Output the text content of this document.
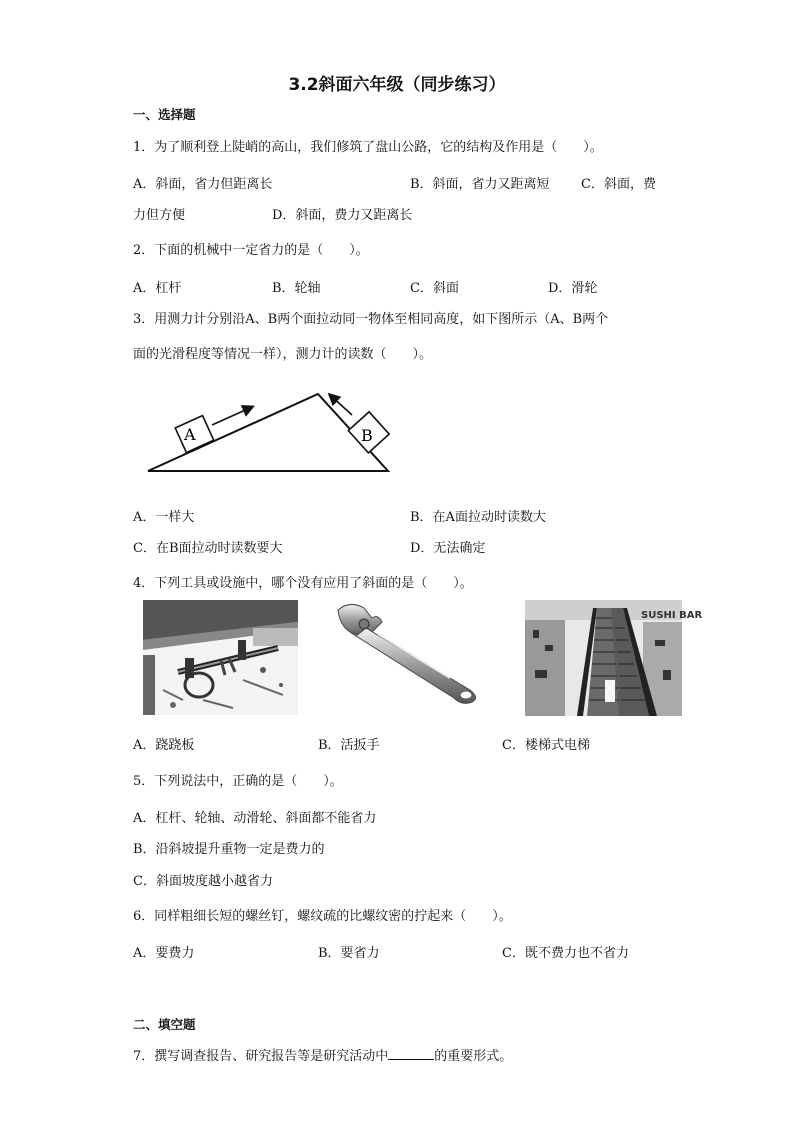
3.2斜面六年级（同步练习）
一、选择题
1．为了顺利登上陡峭的高山，我们修筑了盘山公路，它的结构及作用是（　　）。
A．斜面，省力但距离长	B．斜面，省力又距离短 C．斜面，费
力但方便	D．斜面，费力又距离长
2．下面的机械中一定省力的是（　　）。
A．杠杆	B．轮轴	C．斜面	D．滑轮
3．用测力计分别沿A、B两个面拉动同一物体至相同高度，如下图所示（A、B两个
面的光滑程度等情况一样），测力计的读数（　　）。
A	B
A．一样大	B．在A面拉动时读数大
C．在B面拉动时读数要大	D．无法确定
4．下列工具或设施中，哪个没有应用了斜面的是（　　）。
SUSHI BAR
A．跷跷板	B．活扳手	C．楼梯式电梯
5．下列说法中，正确的是（　　）。
A．杠杆、轮轴、动滑轮、斜面都不能省力
B．沿斜坡提升重物一定是费力的
C．斜面坡度越小越省力
6．同样粗细长短的螺丝钉，螺纹疏的比螺纹密的拧起来（　　）。
A．要费力	B．要省力	C．既不费力也不省力
二、填空题
7．撰写调查报告、研究报告等是研究活动中	的重要形式。
